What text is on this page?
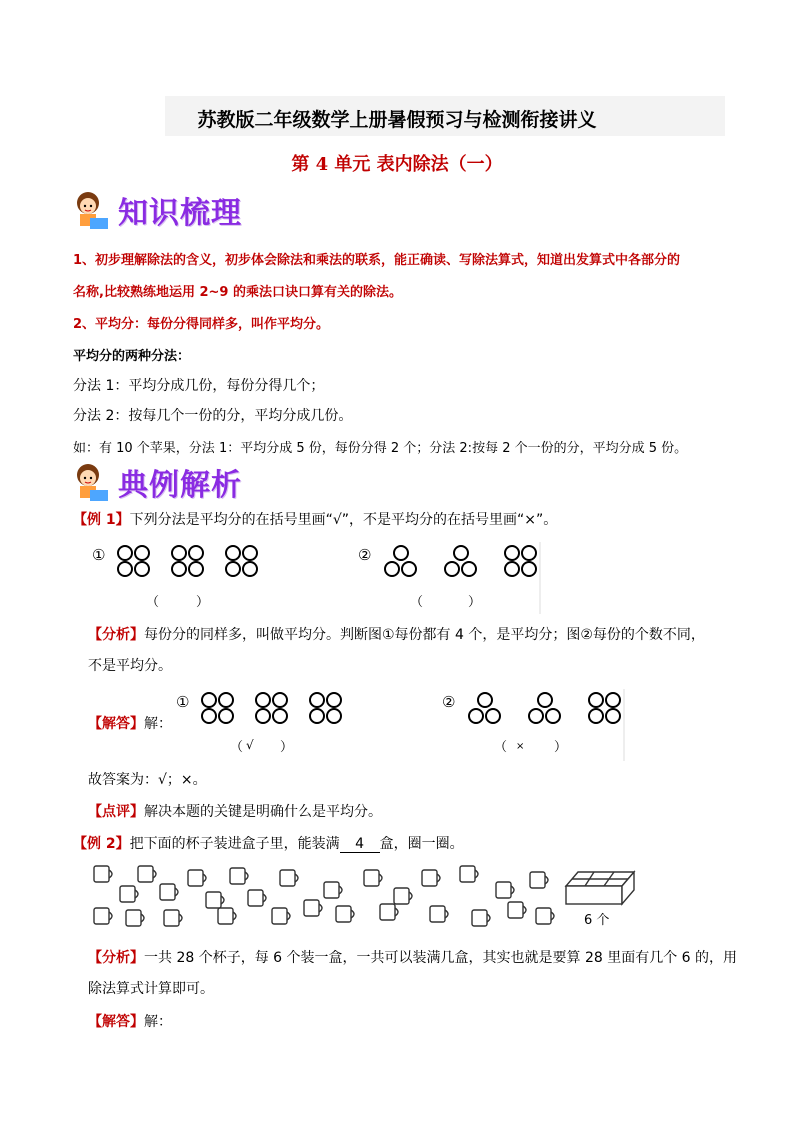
苏教版二年级数学上册暑假预习与检测衔接讲义
第 4 单元 表内除法（一）
知识梳理
1、初步理解除法的含义，初步体会除法和乘法的联系，能正确读、写除法算式，知道出发算式中各部分的
名称,比较熟练地运用 2~9 的乘法口诀口算有关的除法。
2、平均分：每份分得同样多，叫作平均分。
平均分的两种分法：
分法 1：平均分成几份，每份分得几个；
分法 2：按每几个一份的分，平均分成几份。
如：有 10 个苹果，分法 1：平均分成 5 份，每份分得 2 个；分法 2:按每 2 个一份的分，平均分成 5 份。
典例解析
【例 1】下列分法是平均分的在括号里画“√”，不是平均分的在括号里画“×”。
①
（	）
②
（	）
【分析】每份分的同样多，叫做平均分。判断图①每份都有 4 个，是平均分；图②每份的个数不同，
不是平均分。
【解答】解：
①
（ √ ）
②
（ × ）
故答案为：√；×。
【点评】解决本题的关键是明确什么是平均分。
【例 2】把下面的杯子装进盒子里，能装满 4 盒，圈一圈。
6 个
【分析】一共 28 个杯子，每 6 个装一盒，一共可以装满几盒，其实也就是要算 28 里面有几个 6 的，用
除法算式计算即可。
【解答】解：
